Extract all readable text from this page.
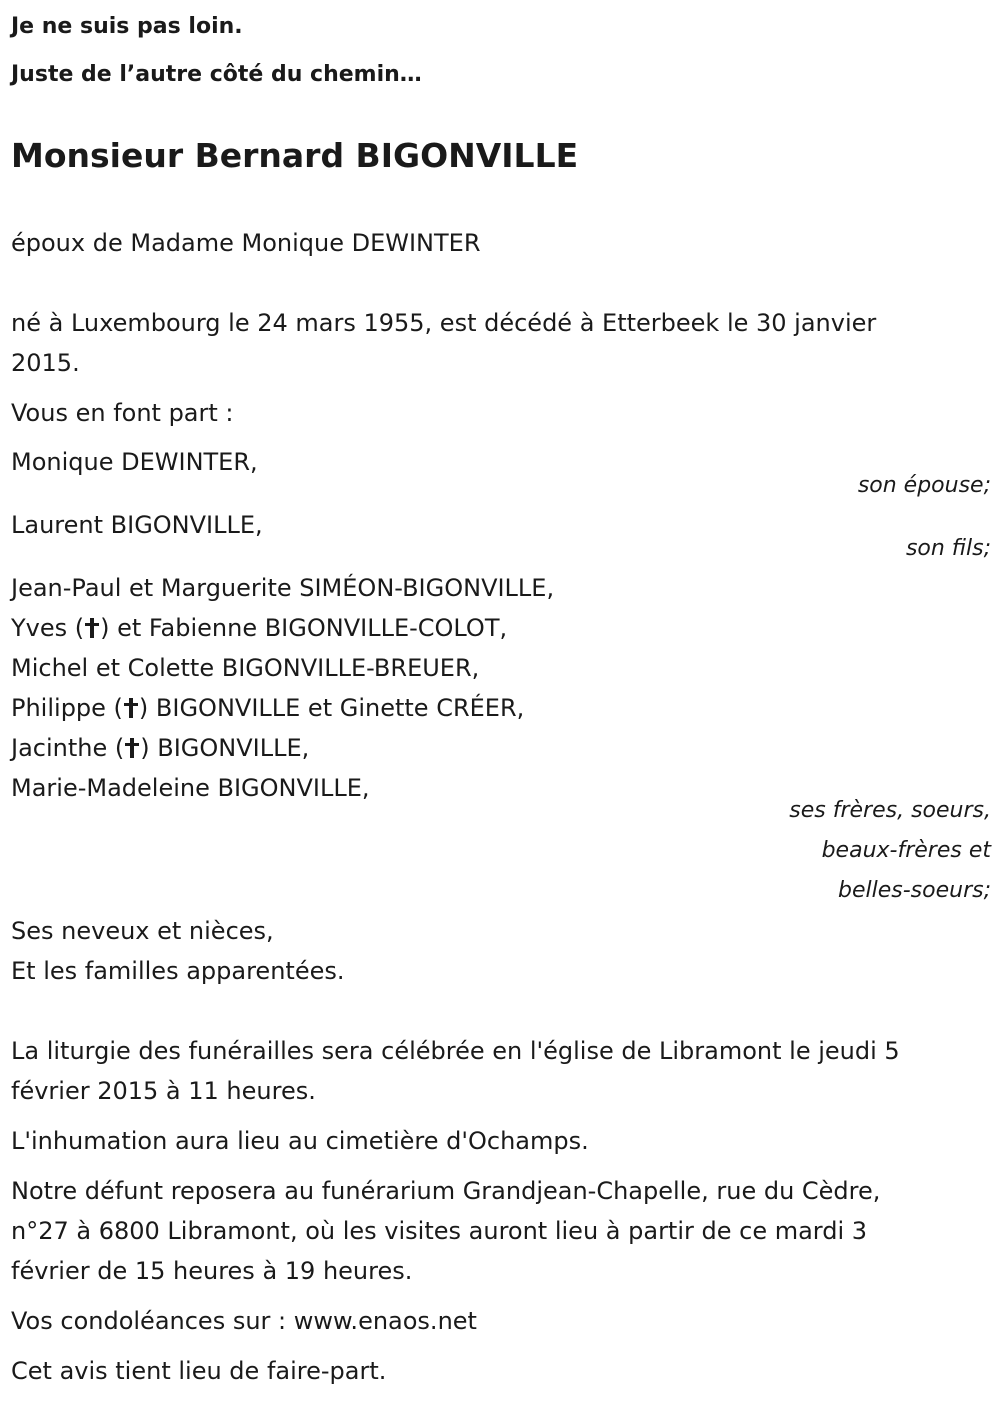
Je ne suis pas loin.
Juste de l’autre côté du chemin…
Monsieur Bernard BIGONVILLE
époux de Madame Monique DEWINTER
né à Luxembourg le 24 mars 1955, est décédé à Etterbeek le 30 janvier
2015.
Vous en font part :
Monique DEWINTER,
son épouse;
Laurent BIGONVILLE,
son fils;
Jean-Paul et Marguerite SIMÉON-BIGONVILLE,
Yves ( ) et Fabienne BIGONVILLE-COLOT,
Michel et Colette BIGONVILLE-BREUER,
Philippe ( ) BIGONVILLE et Ginette CRÉER,
Jacinthe ( ) BIGONVILLE,
Marie-Madeleine BIGONVILLE,
ses frères, soeurs,
beaux-frères et
belles-soeurs;
Ses neveux et nièces,
Et les familles apparentées.
La liturgie des funérailles sera célébrée en l'église de Libramont le jeudi 5
février 2015 à 11 heures.
L'inhumation aura lieu au cimetière d'Ochamps.
Notre défunt reposera au funérarium Grandjean-Chapelle, rue du Cèdre,
n°27 à 6800 Libramont, où les visites auront lieu à partir de ce mardi 3
février de 15 heures à 19 heures.
Vos condoléances sur : www.enaos.net
Cet avis tient lieu de faire-part.
